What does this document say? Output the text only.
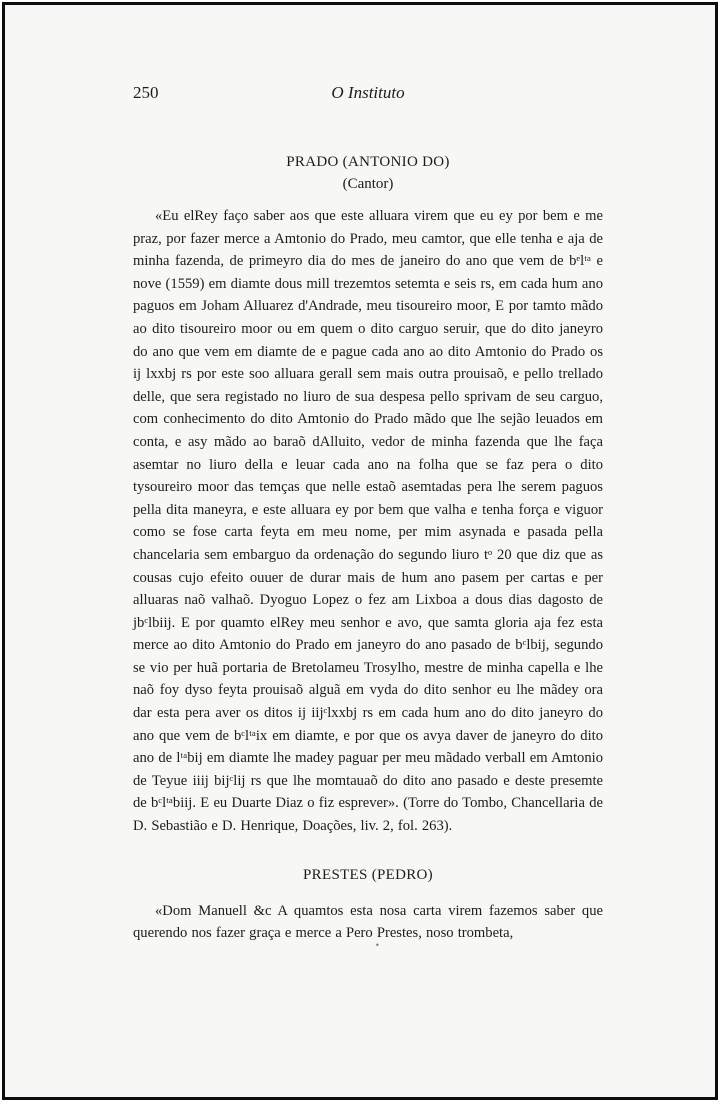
250	O Instituto
PRADO (ANTONIO DO)
(Cantor)

«Eu elRey faço saber aos que este alluara virem que eu ey por bem e me praz, por fazer merce a Amtonio do Prado, meu camtor, que elle tenha e aja de minha fazenda, de primeyro dia do mes de janeiro do ano que vem de bᵉlᵗᵃ e nove (1559) em diamte dous mill trezemtos setemta e seis rs, em cada hum ano paguos em Joham Alluarez d'Andrade, meu tisoureiro moor, E por tamto mãdo ao dito tisoureiro moor ou em quem o dito carguo seruir, que do dito janeyro do ano que vem em diamte de e pague cada ano ao dito Amtonio do Prado os ij lxxbj rs por este soo alluara gerall sem mais outra prouisaõ, e pello trellado delle, que sera registado no liuro de sua despesa pello sprivam de seu carguo, com conhecimento do dito Amtonio do Prado mãdo que lhe sejão leuados em conta, e asy mãdo ao baraõ dAlluito, vedor de minha fazenda que lhe faça asemtar no liuro della e leuar cada ano na folha que se faz pera o dito tysoureiro moor das temças que nelle estaõ asemtadas pera lhe serem paguos pella dita maneyra, e este alluara ey por bem que valha e tenha força e viguor como se fose carta feyta em meu nome, per mim asynada e pasada pella chancelaria sem embarguo da ordenação do segundo liuro tᵒ 20 que diz que as cousas cujo efeito ouuer de durar mais de hum ano pasem per cartas e per alluaras naõ valhaõ. Dyoguo Lopez o fez am Lixboa a dous dias dagosto de jbᶜlbiij. E por quamto elRey meu senhor e avo, que samta gloria aja fez esta merce ao dito Amtonio do Prado em janeyro do ano pasado de bᶜlbij, segundo se vio per huã portaria de Bretolameu Trosylho, mestre de minha capella e lhe naõ foy dyso feyta prouisaõ alguã em vyda do dito senhor eu lhe mãdey ora dar esta pera aver os ditos ij iijᶜlxxbj rs em cada hum ano do dito janeyro do ano que vem de bᶜlᵗᵃix em diamte, e por que os avya daver de janeyro do dito ano de lᵗᵃbij em diamte lhe madey paguar per meu mãdado verball em Amtonio de Teyue iiij bijᶜlij rs que lhe momtauaõ do dito ano pasado e deste presemte de bᶜlᵗᵃbiij. E eu Duarte Diaz o fiz esprever». (Torre do Tombo, Chancellaria de D. Sebastião e D. Henrique, Doações, liv. 2, fol. 263).

PRESTES (PEDRO)

«Dom Manuell &c A quamtos esta nosa carta virem fazemos saber que querendo nos fazer graça e merce a Pero Prestes, noso trombeta,

•
